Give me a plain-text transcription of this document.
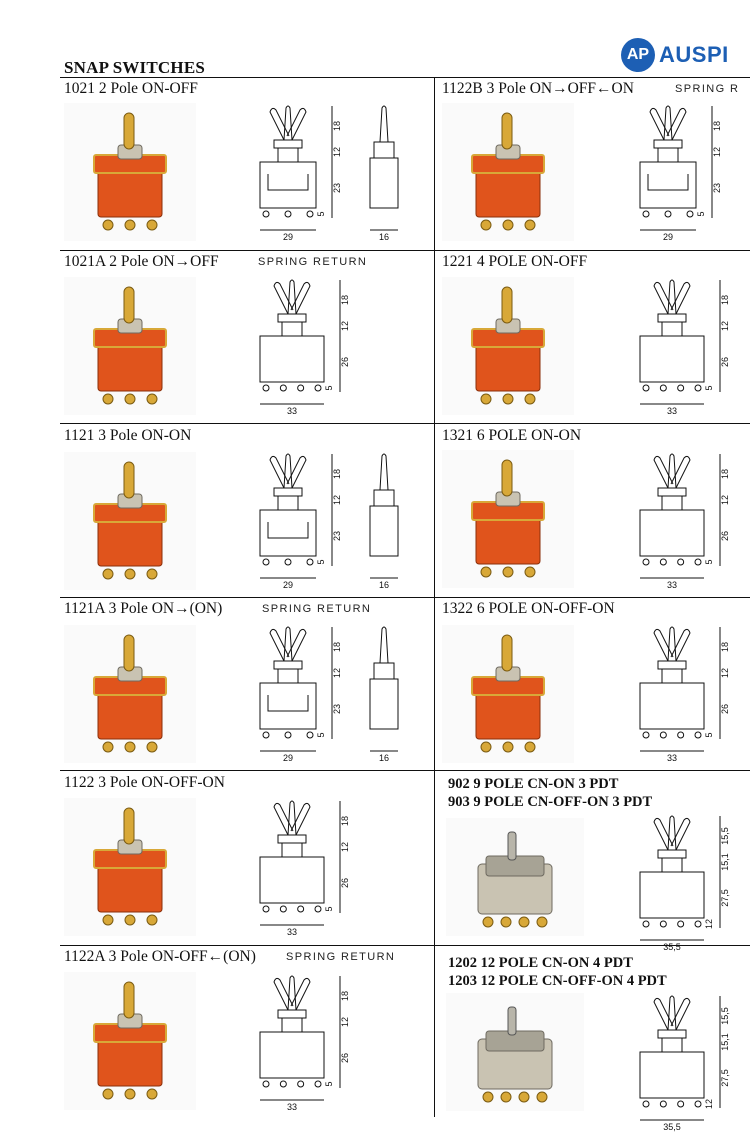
SNAP SWITCHES
AP AUSPI
1021 2 Pole ON-OFF
29
18
12
23
5
16
1122B 3 Pole ON→OFF←ON	SPRING R
29
18
12
23
5
1021A 2 Pole ON→OFF	SPRING RETURN
33
18
12
26
5
1221 4 POLE ON-OFF
33
18
12
26
5
1121 3 Pole ON-ON
29
18
12
23
5
16
1321 6 POLE ON-ON
33
18
12
26
5
1121A 3 Pole ON→(ON)	SPRING RETURN
29
18
12
23
5
16
1322 6 POLE ON-OFF-ON
33
18
12
26
5
1122 3 Pole ON-OFF-ON
33
18
12
26
5
902 9 POLE CN-ON 3 PDT
903 9 POLE CN-OFF-ON 3 PDT
35,5
15,5
15,1
27,5
12
1122A 3 Pole ON-OFF←(ON)	SPRING RETURN
33
18
12
26
5
1202 12 POLE CN-ON 4 PDT
1203 12 POLE CN-OFF-ON 4 PDT
35,5
15,5
15,1
27,5
12
